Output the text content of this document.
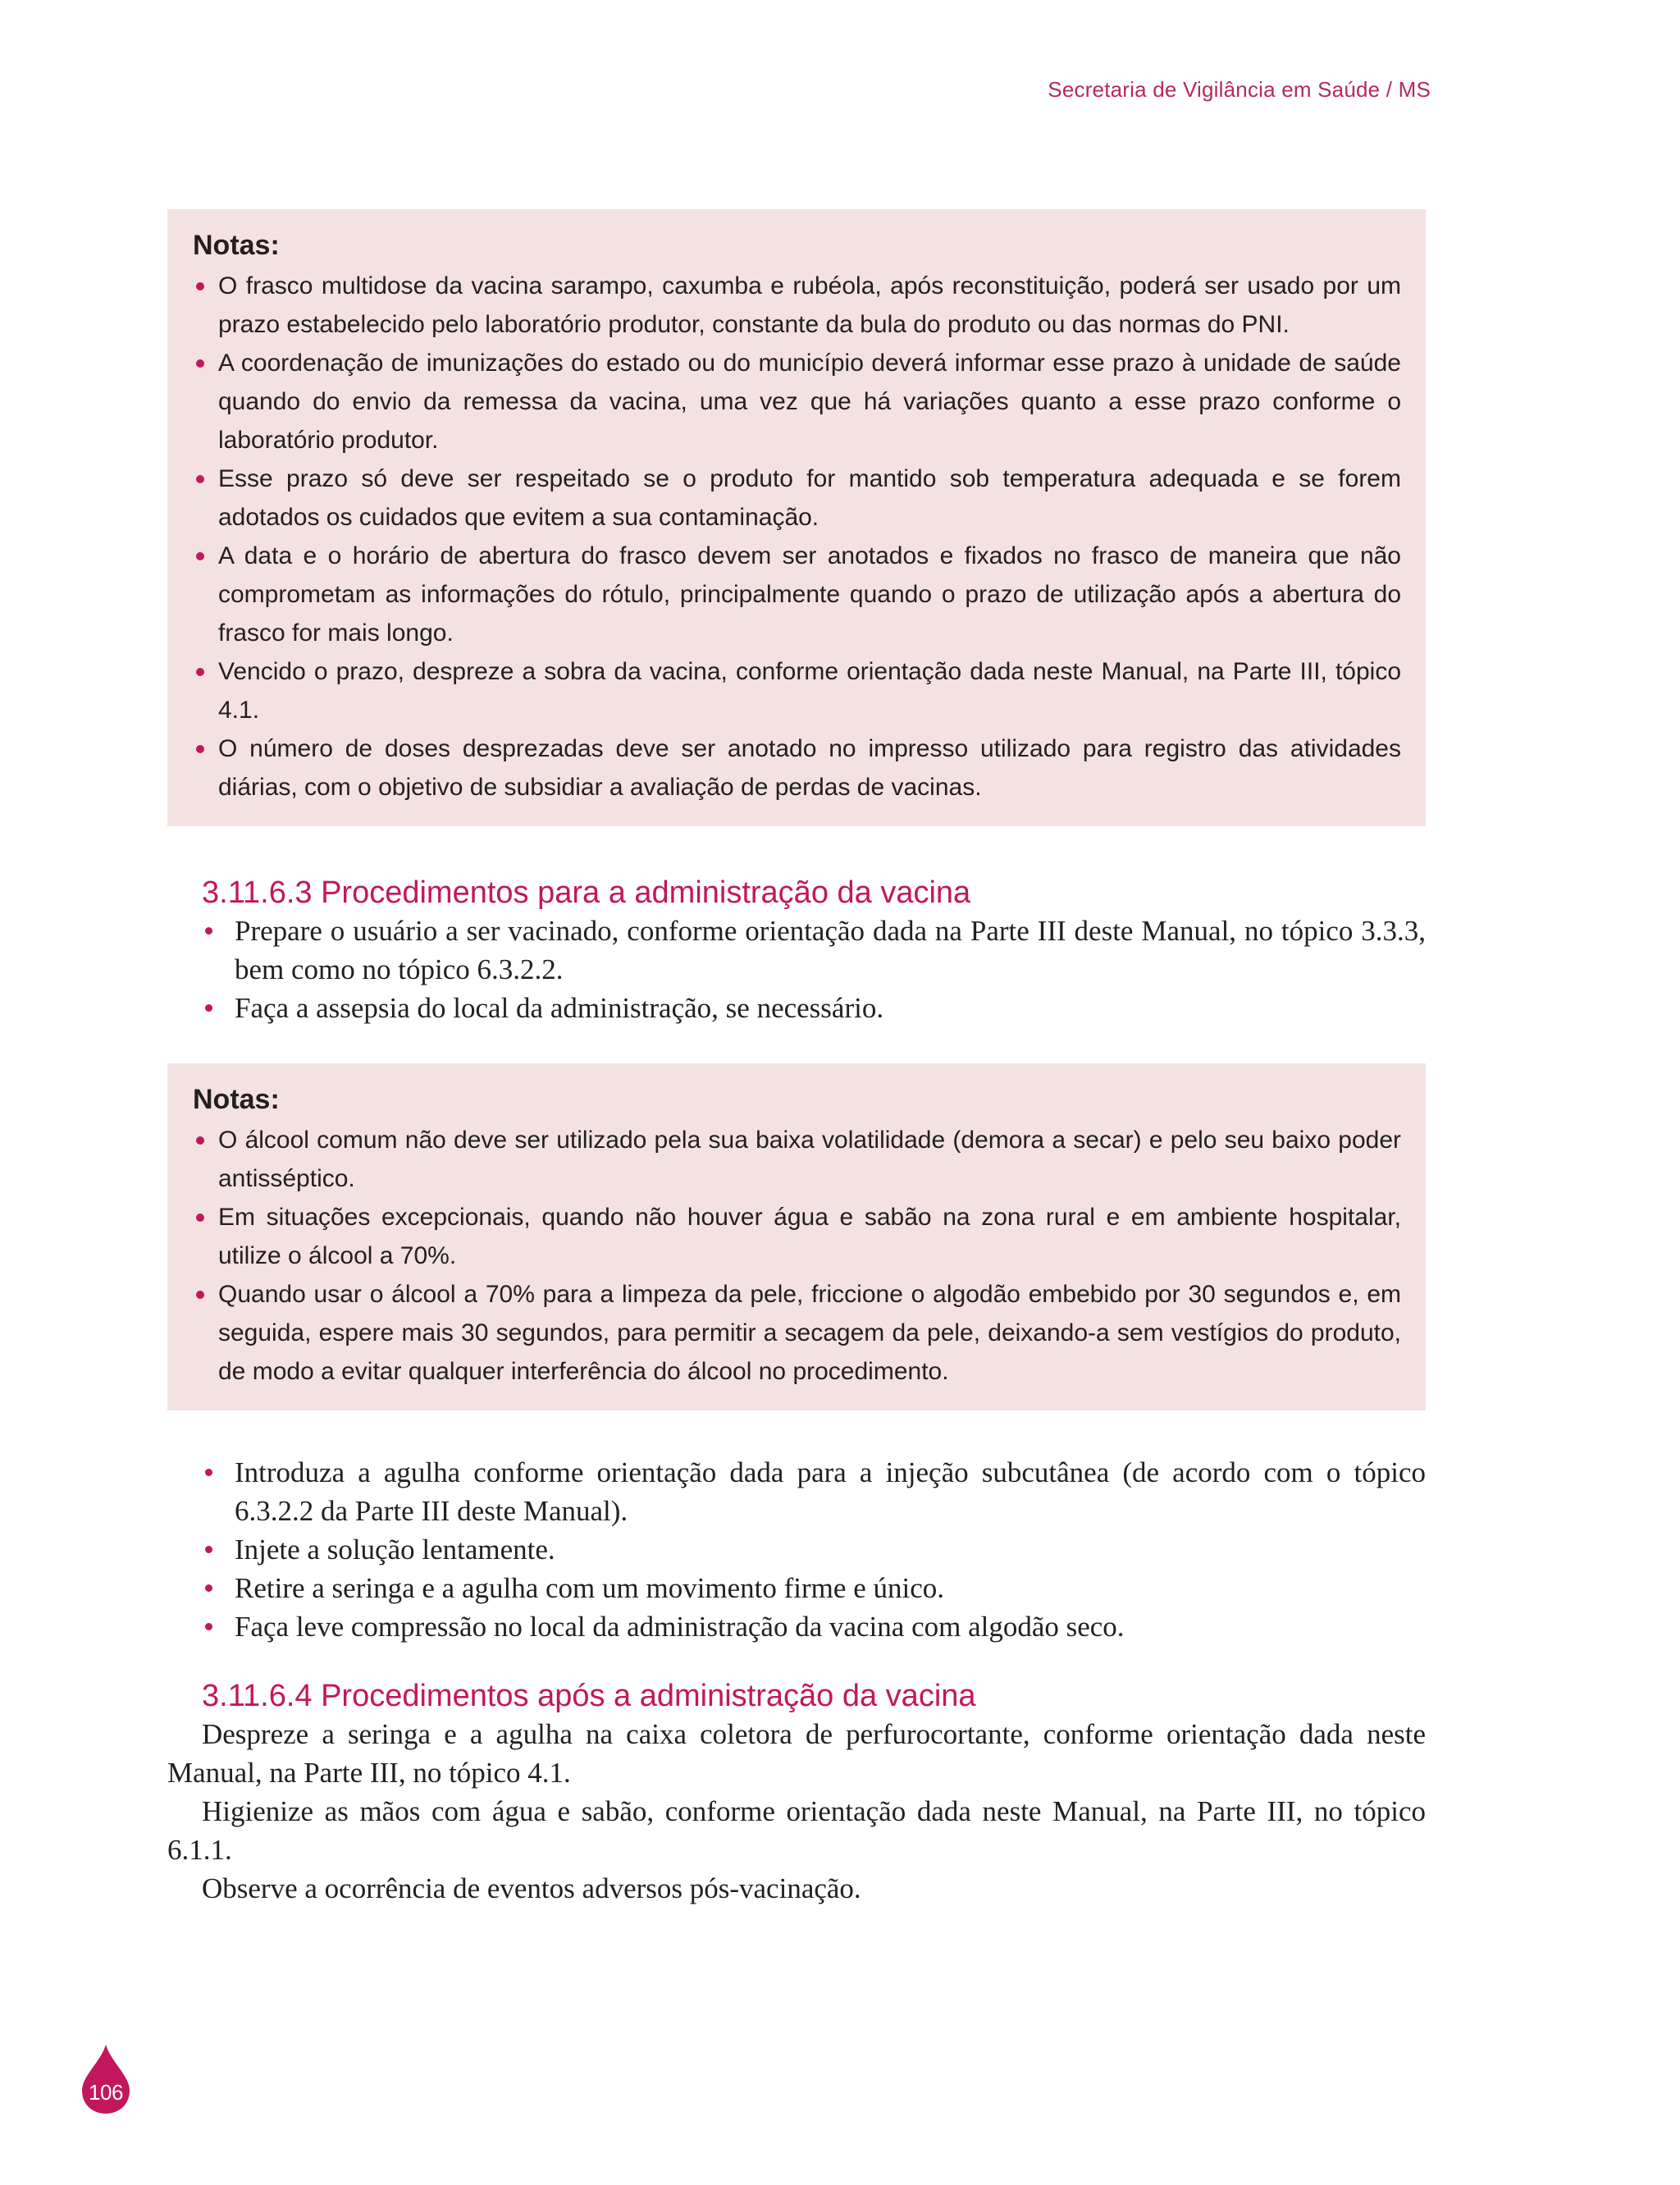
Secretaria de Vigilância em Saúde / MS
Notas:
O frasco multidose da vacina sarampo, caxumba e rubéola, após reconstituição, poderá ser usado por um prazo estabelecido pelo laboratório produtor, constante da bula do produto ou das normas do PNI.
A coordenação de imunizações do estado ou do município deverá informar esse prazo à unidade de saúde quando do envio da remessa da vacina, uma vez que há variações quanto a esse prazo conforme o laboratório produtor.
Esse prazo só deve ser respeitado se o produto for mantido sob temperatura adequada e se forem adotados os cuidados que evitem a sua contaminação.
A data e o horário de abertura do frasco devem ser anotados e fixados no frasco de maneira que não comprometam as informações do rótulo, principalmente quando o prazo de utilização após a abertura do frasco for mais longo.
Vencido o prazo, despreze a sobra da vacina, conforme orientação dada neste Manual, na Parte III, tópico 4.1.
O número de doses desprezadas deve ser anotado no impresso utilizado para registro das atividades diárias, com o objetivo de subsidiar a avaliação de perdas de vacinas.
3.11.6.3 Procedimentos para a administração da vacina
Prepare o usuário a ser vacinado, conforme orientação dada na Parte III deste Manual, no tópico 3.3.3, bem como no tópico 6.3.2.2.
Faça a assepsia do local da administração, se necessário.
Notas:
O álcool comum não deve ser utilizado pela sua baixa volatilidade (demora a secar) e pelo seu baixo poder antisséptico.
Em situações excepcionais, quando não houver água e sabão na zona rural e em ambiente hospitalar, utilize o álcool a 70%.
Quando usar o álcool a 70% para a limpeza da pele, friccione o algodão embebido por 30 segundos e, em seguida, espere mais 30 segundos, para permitir a secagem da pele, deixando-a sem vestígios do produto, de modo a evitar qualquer interferência do álcool no procedimento.
Introduza a agulha conforme orientação dada para a injeção subcutânea (de acordo com o tópico 6.3.2.2 da Parte III deste Manual).
Injete a solução lentamente.
Retire a seringa e a agulha com um movimento firme e único.
Faça leve compressão no local da administração da vacina com algodão seco.
3.11.6.4 Procedimentos após a administração da vacina

Despreze a seringa e a agulha na caixa coletora de perfurocortante, conforme orientação dada neste Manual, na Parte III, no tópico 4.1.

Higienize as mãos com água e sabão, conforme orientação dada neste Manual, na Parte III, no tópico 6.1.1.

Observe a ocorrência de eventos adversos pós-vacinação.

106
